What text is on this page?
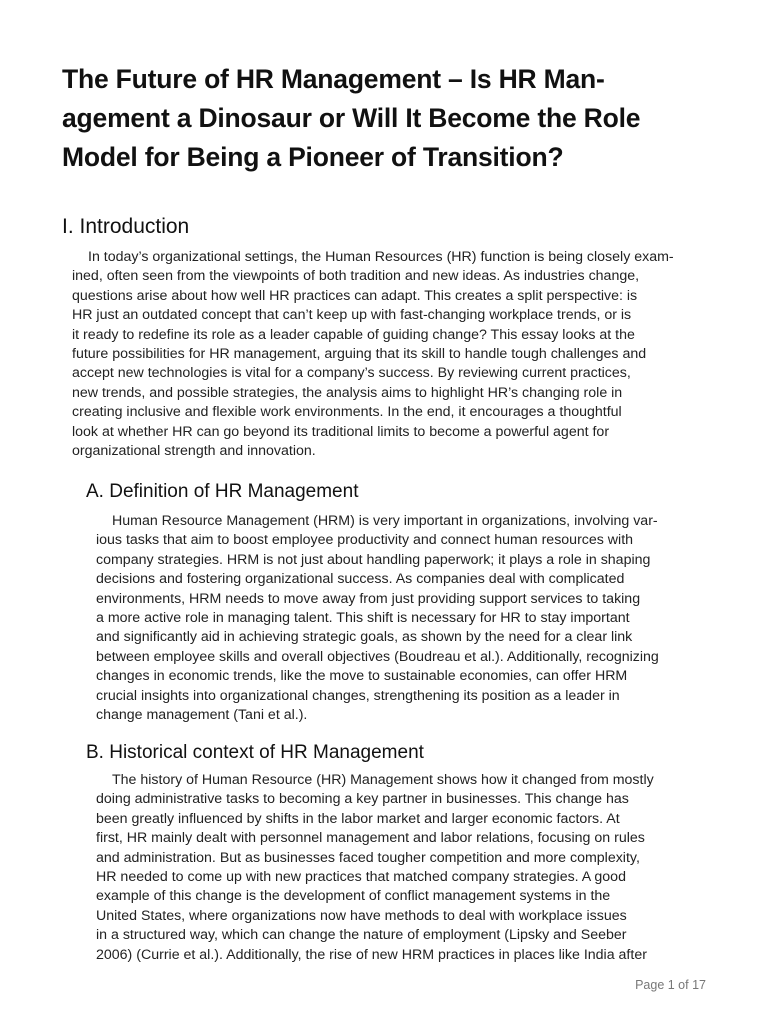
The Future of HR Management – Is HR Man-
agement a Dinosaur or Will It Become the Role
Model for Being a Pioneer of Transition?
I. Introduction

In today’s organizational settings, the Human Resources (HR) function is being closely exam-
ined, often seen from the viewpoints of both tradition and new ideas. As industries change,
questions arise about how well HR practices can adapt. This creates a split perspective: is
HR just an outdated concept that can’t keep up with fast-changing workplace trends, or is
it ready to redefine its role as a leader capable of guiding change? This essay looks at the
future possibilities for HR management, arguing that its skill to handle tough challenges and
accept new technologies is vital for a company’s success. By reviewing current practices,
new trends, and possible strategies, the analysis aims to highlight HR’s changing role in
creating inclusive and flexible work environments. In the end, it encourages a thoughtful
look at whether HR can go beyond its traditional limits to become a powerful agent for
organizational strength and innovation.

A. Definition of HR Management

Human Resource Management (HRM) is very important in organizations, involving var-
ious tasks that aim to boost employee productivity and connect human resources with
company strategies. HRM is not just about handling paperwork; it plays a role in shaping
decisions and fostering organizational success. As companies deal with complicated
environments, HRM needs to move away from just providing support services to taking
a more active role in managing talent. This shift is necessary for HR to stay important
and significantly aid in achieving strategic goals, as shown by the need for a clear link
between employee skills and overall objectives (Boudreau et al.). Additionally, recognizing
changes in economic trends, like the move to sustainable economies, can offer HRM
crucial insights into organizational changes, strengthening its position as a leader in
change management (Tani et al.).

B. Historical context of HR Management

The history of Human Resource (HR) Management shows how it changed from mostly
doing administrative tasks to becoming a key partner in businesses. This change has
been greatly influenced by shifts in the labor market and larger economic factors. At
first, HR mainly dealt with personnel management and labor relations, focusing on rules
and administration. But as businesses faced tougher competition and more complexity,
HR needed to come up with new practices that matched company strategies. A good
example of this change is the development of conflict management systems in the
United States, where organizations now have methods to deal with workplace issues
in a structured way, which can change the nature of employment (Lipsky and Seeber
2006) (Currie et al.). Additionally, the rise of new HRM practices in places like India after

Page 1 of 17
